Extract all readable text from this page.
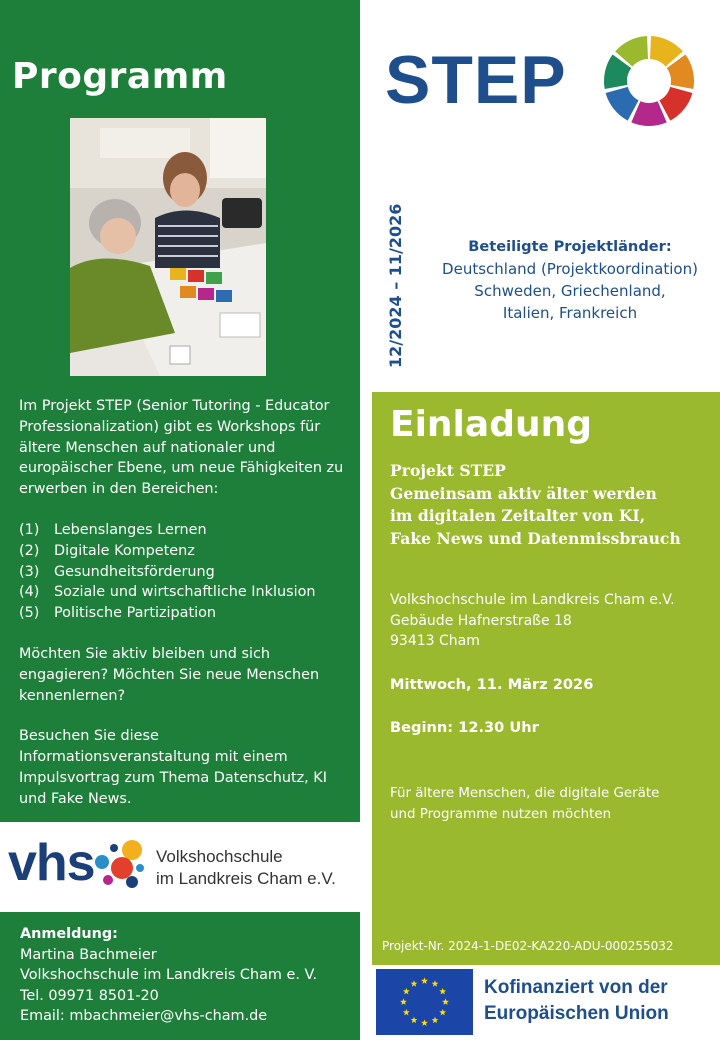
Programm

Im Projekt STEP (Senior Tutoring - Educator Professionalization) gibt es Workshops für ältere Menschen auf nationaler und europäischer Ebene, um neue Fähigkeiten zu erwerben in den Bereichen:

(1)	Lebenslanges Lernen
(2)	Digitale Kompetenz
(3)	Gesundheitsförderung
(4)	Soziale und wirtschaftliche Inklusion
(5)	Politische Partizipation

Möchten Sie aktiv bleiben und sich engagieren? Möchten Sie neue Menschen kennenlernen?

Besuchen Sie diese Informationsveranstaltung mit einem Impulsvortrag zum Thema Datenschutz, KI und Fake News.

vhs	Volkshochschule
im Landkreis Cham e.V.
Anmeldung:
Martina Bachmeier
Volkshochschule im Landkreis Cham e. V.
Tel. 09971 8501-20
Email: mbachmeier@vhs-cham.de
STEP
12/2024 – 11/2026	Beteiligte Projektländer:
Deutschland (Projektkoordination)
Schweden, Griechenland,
Italien, Frankreich
Einladung
Projekt STEP
Gemeinsam aktiv älter werden
im digitalen Zeitalter von KI,
Fake News und Datenmissbrauch
Volkshochschule im Landkreis Cham e.V.
Gebäude Hafnerstraße 18
93413 Cham
Mittwoch, 11. März 2026
Beginn: 12.30 Uhr
Für ältere Menschen, die digitale Geräte
und Programme nutzen möchten
Projekt-Nr. 2024-1-DE02-KA220-ADU-000255032
Kofinanziert von der
Europäischen Union
